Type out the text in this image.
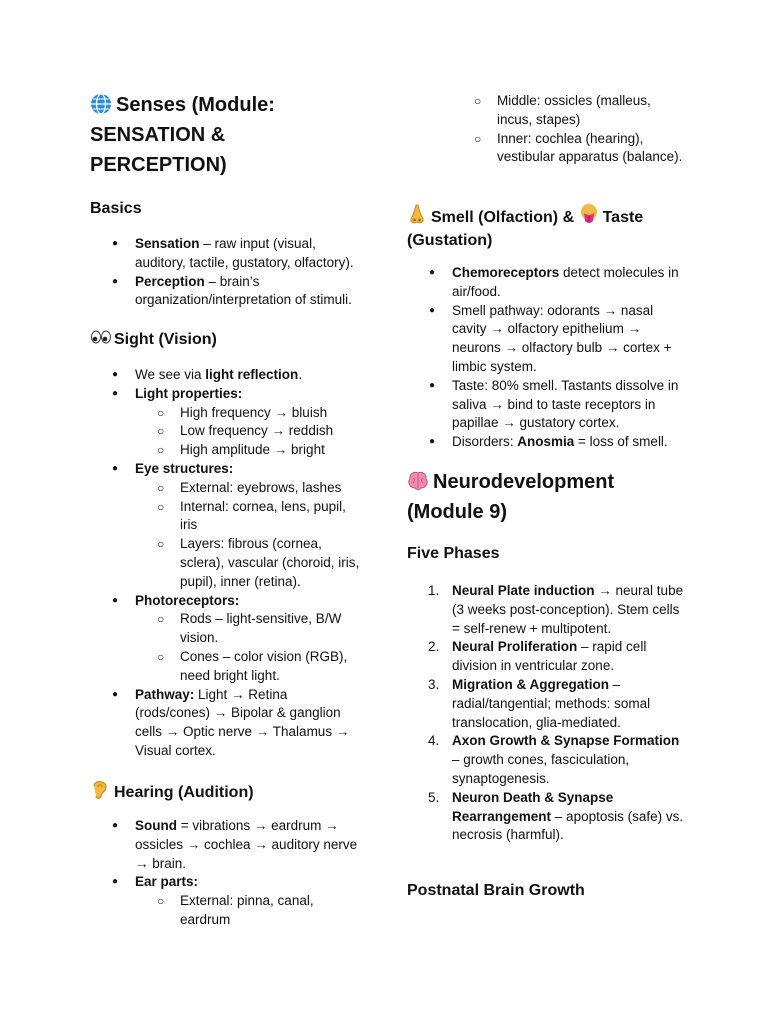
Senses (Module: SENSATION & PERCEPTION)
Basics
● Sensation – raw input (visual, auditory, tactile, gustatory, olfactory).
● Perception – brain’s organization/interpretation of stimuli.
Sight (Vision)
● We see via light reflection.
● Light properties:
○ High frequency → bluish
○ Low frequency → reddish
○ High amplitude → bright
● Eye structures:
○ External: eyebrows, lashes
○ Internal: cornea, lens, pupil, iris
○ Layers: fibrous (cornea, sclera), vascular (choroid, iris, pupil), inner (retina).
● Photoreceptors:
○ Rods – light-sensitive, B/W vision.
○ Cones – color vision (RGB), need bright light.
● Pathway: Light → Retina (rods/cones) → Bipolar & ganglion cells → Optic nerve → Thalamus → Visual cortex.
Hearing (Audition)
● Sound = vibrations → eardrum → ossicles → cochlea → auditory nerve → brain.
● Ear parts:
○ External: pinna, canal, eardrum
○ Middle: ossicles (malleus, incus, stapes)
○ Inner: cochlea (hearing), vestibular apparatus (balance).
Smell (Olfaction) & Taste
(Gustation)
● Chemoreceptors detect molecules in air/food.
● Smell pathway: odorants → nasal cavity → olfactory epithelium → neurons → olfactory bulb → cortex + limbic system.
● Taste: 80% smell. Tastants dissolve in saliva → bind to taste receptors in papillae → gustatory cortex.
● Disorders: Anosmia = loss of smell.
Neurodevelopment (Module 9)
Five Phases
1. Neural Plate induction → neural tube (3 weeks post-conception). Stem cells = self-renew + multipotent.
2. Neural Proliferation – rapid cell division in ventricular zone.
3. Migration & Aggregation – radial/tangential; methods: somal translocation, glia-mediated.
4. Axon Growth & Synapse Formation – growth cones, fasciculation, synaptogenesis.
5. Neuron Death & Synapse Rearrangement – apoptosis (safe) vs. necrosis (harmful).
Postnatal Brain Growth
